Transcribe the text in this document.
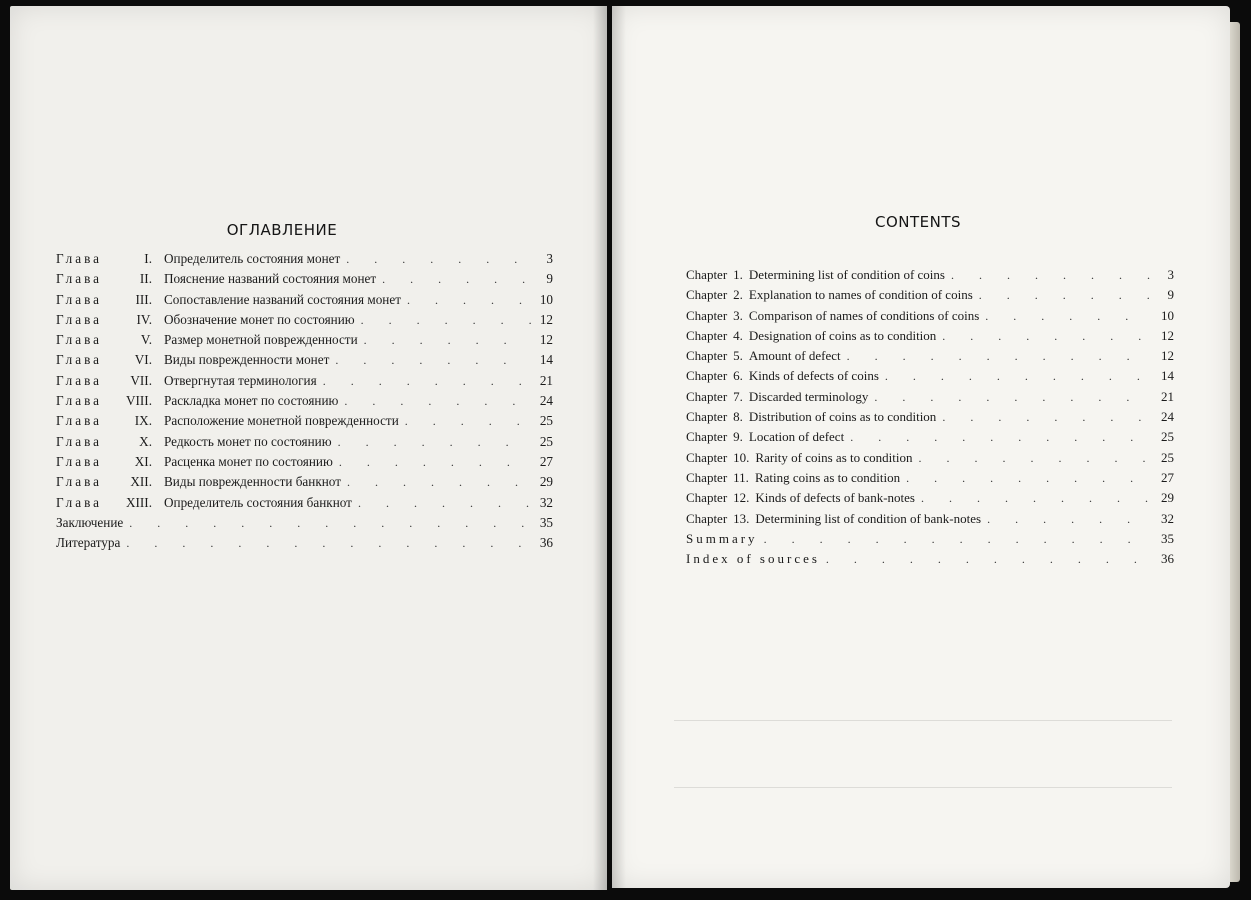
ОГЛАВЛЕНИЕ
Глава	I. Определитель состояния монет . . .	3
Глава	II. Пояснение названий состояния монет . . .	9
Глава	III. Сопоставление названий состояния монет . . .	10
Глава	IV. Обозначение монет по состоянию . . .	12
Глава	V. Размер монетной поврежденности . . .	12
Глава VI. Виды поврежденности монет . . .	14
Глава VII. Отвергнутая терминология . . .	21
Глава VIII. Раскладка монет по состоянию . . .	24
Глава IX. Расположение монетной поврежденности . . .	25
Глава	X. Редкость монет по состоянию . . .	25
Глава XI. Расценка монет по состоянию . . .	27
Глава XII. Виды поврежденности банкнот . . .	29
Глава XIII. Определитель состояния банкнот . . .	32
Заключение . . .	35
Литература . . .	36
CONTENTS
Chapter 1. Determining list of condition of coins . . .	3
Chapter 2. Explanation to names of condition of coins . . .	9
Chapter 3. Comparison of names of conditions of coins . . .	10
Chapter 4. Designation of coins as to condition . . .	12
Chapter 5. Amount of defect . . .	12
Chapter 6. Kinds of defects of coins . . .	14
Chapter 7. Discarded terminology . . .	21
Chapter 8. Distribution of coins as to condition . . .	24
Chapter 9. Location of defect . . .	25
Chapter 10. Rarity of coins as to condition . . .	25
Chapter 11. Rating coins as to condition . . .	27
Chapter 12. Kinds of defects of bank-notes . . .	29
Chapter 13. Determining list of condition of bank-notes . . .	32
Summary . . .	35
Index of sources . . .	36
